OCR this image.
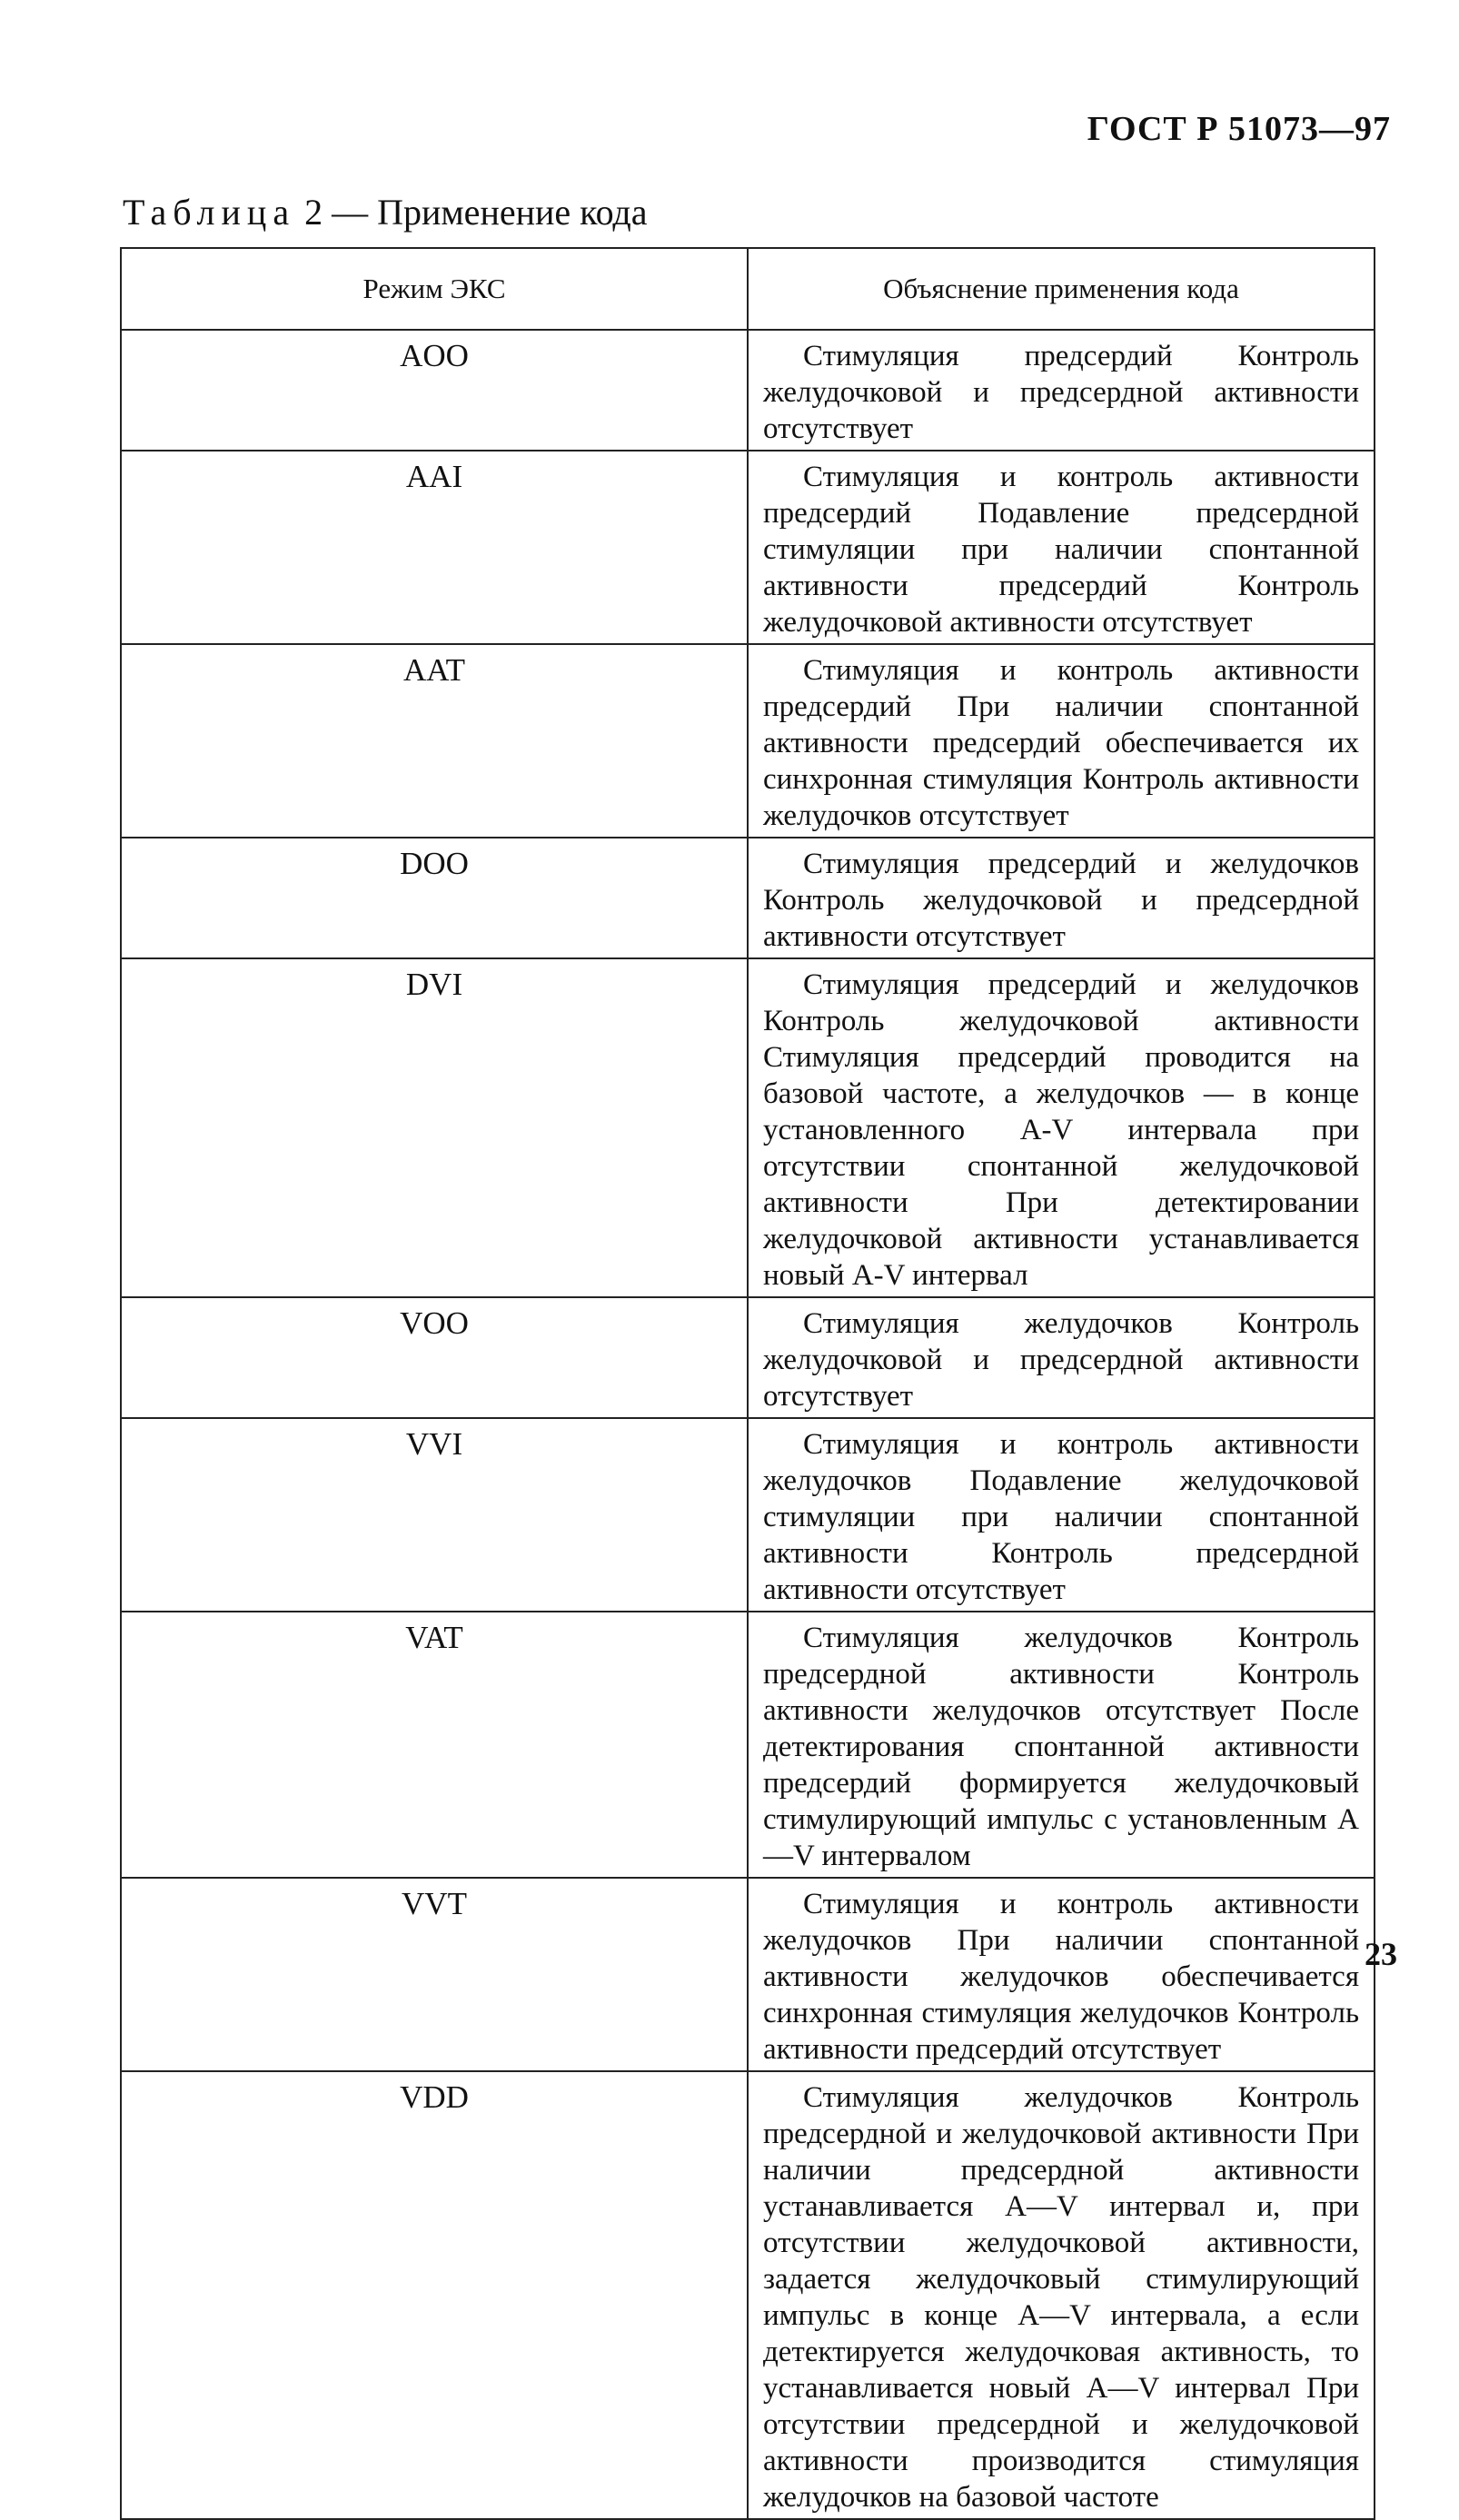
ГОСТ Р 51073—97
Таблица 2 — Применение кода
Режим ЭКС	Объяснение применения кода
AOO	Стимуляция предсердий Контроль желудочковой и предсердной активности отсутствует

AAI	Стимуляция и контроль активности предсердий Подавление предсердной стимуляции при наличии спонтанной активности предсердий Контроль желудочковой активности отсутствует

AAT	Стимуляция и контроль активности предсердий При наличии спонтанной активности предсердий обеспечивается их синхронная стимуляция Контроль активности желудочков отсутствует

DOO	Стимуляция предсердий и желудочков Контроль желудочковой и предсердной активности отсутствует

DVI	Стимуляция предсердий и желудочков Контроль желудочковой активности Стимуляция предсердий проводится на базовой частоте, а желудочков — в конце установленного A-V интервала при отсутствии спонтанной желудочковой активности При детектировании желудочковой активности устанавливается новый A-V интервал

VOO	Стимуляция желудочков Контроль желудочковой и предсердной активности отсутствует

VVI	Стимуляция и контроль активности желудочков Подавление желудочковой стимуляции при наличии спонтанной активности Контроль предсердной активности отсутствует

VAT	Стимуляция желудочков Контроль предсердной активности Контроль активности желудочков отсутствует После детектирования спонтанной активности предсердий формируется желудочковый стимулирующий импульс с установленным A—V интервалом

VVT	Стимуляция и контроль активности желудочков При наличии спонтанной активности желудочков обеспечивается синхронная стимуляция желудочков Контроль активности предсердий отсутствует

VDD	Стимуляция желудочков Контроль предсердной и желудочковой активности При наличии предсердной активности устанавливается A—V интервал и, при отсутствии желудочковой активности, задается желудочковый стимулирующий импульс в конце A—V интервала, а если детектируется желудочковая активность, то устанавливается новый A—V интервал При отсутствии предсердной и желудочковой активности производится стимуляция желудочков на базовой частоте
23
